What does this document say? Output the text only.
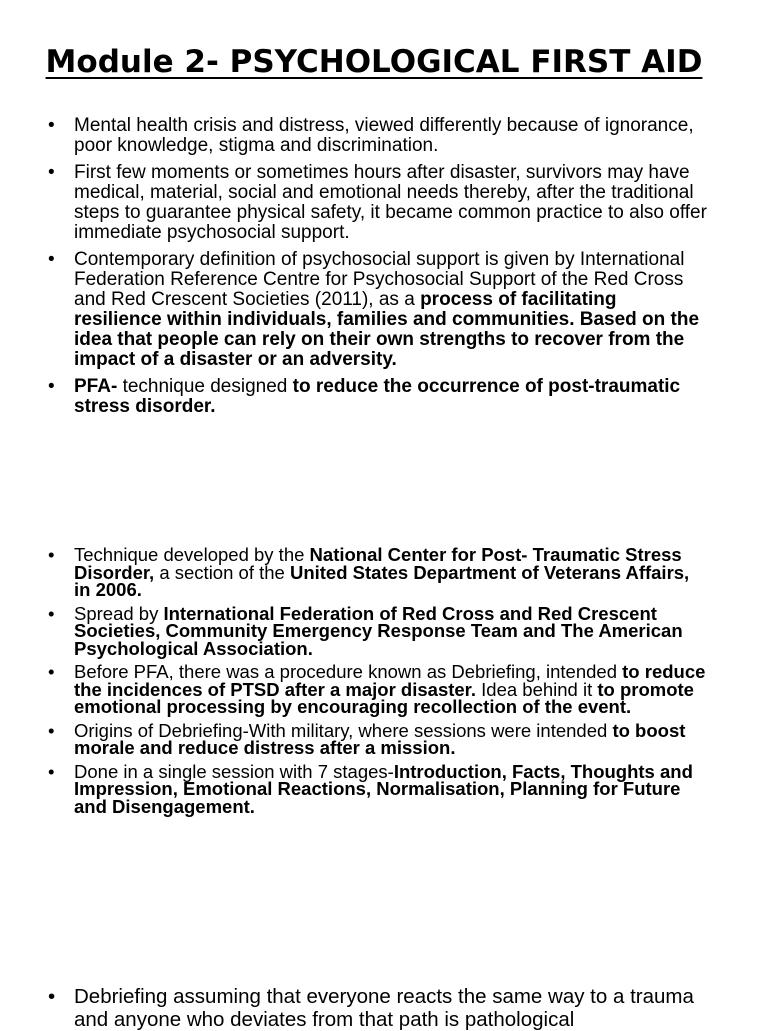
Module 2- PSYCHOLOGICAL FIRST AID
• Mental health crisis and distress, viewed differently because of ignorance, poor knowledge, stigma and discrimination.
• First few moments or sometimes hours after disaster, survivors may have medical, material, social and emotional needs thereby, after the traditional steps to guarantee physical safety, it became common practice to also offer immediate psychosocial support.
• Contemporary definition of psychosocial support is given by International Federation Reference Centre for Psychosocial Support of the Red Cross and Red Crescent Societies (2011), as a process of facilitating resilience within individuals, families and communities. Based on the idea that people can rely on their own strengths to recover from the impact of a disaster or an adversity.
• PFA- technique designed to reduce the occurrence of post-traumatic stress disorder.
• Technique developed by the National Center for Post- Traumatic Stress Disorder, a section of the United States Department of Veterans Affairs, in 2006.
• Spread by International Federation of Red Cross and Red Crescent Societies, Community Emergency Response Team and The American Psychological Association.
• Before PFA, there was a procedure known as Debriefing, intended to reduce the incidences of PTSD after a major disaster. Idea behind it to promote emotional processing by encouraging recollection of the event.
• Origins of Debriefing-With military, where sessions were intended to boost morale and reduce distress after a mission.
• Done in a single session with 7 stages-Introduction, Facts, Thoughts and Impression, Emotional Reactions, Normalisation, Planning for Future and Disengagement.
• Debriefing assuming that everyone reacts the same way to a trauma and anyone who deviates from that path is pathological
